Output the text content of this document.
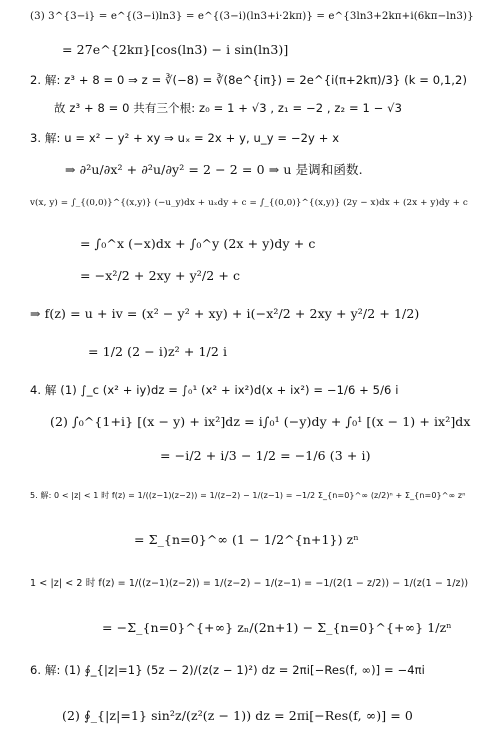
(3) 3^{3−i} = e^{(3−i)ln3} = e^{(3−i)(ln3+i·2kπ)} = e^{3ln3+2kπ+i(6kπ−ln3)}
= 27e^{2kπ}[cos(ln3) − i sin(ln3)]
2. 解: z³ + 8 = 0 ⇒ z = ∛(−8) = ∛(8e^{iπ}) = 2e^{i(π+2kπ)/3} (k = 0,1,2)
故 z³ + 8 = 0 共有三个根: z₀ = 1 + √3 , z₁ = −2 , z₂ = 1 − √3
3. 解: u = x² − y² + xy ⇒ uₓ = 2x + y, u_y = −2y + x
⇒ ∂²u/∂x² + ∂²u/∂y² = 2 − 2 = 0 ⇒ u 是调和函数.
v(x, y) = ∫_{(0,0)}^{(x,y)} (−u_y)dx + uₓdy + c = ∫_{(0,0)}^{(x,y)} (2y − x)dx + (2x + y)dy + c
= ∫₀^x (−x)dx + ∫₀^y (2x + y)dy + c
= −x²/2 + 2xy + y²/2 + c
⇒ f(z) = u + iv = (x² − y² + xy) + i(−x²/2 + 2xy + y²/2 + 1/2)
= 1/2 (2 − i)z² + 1/2 i
4. 解 (1) ∫_c (x² + iy)dz = ∫₀¹ (x² + ix²)d(x + ix²) = −1/6 + 5/6 i
(2) ∫₀^{1+i} [(x − y) + ix²]dz = i∫₀¹ (−y)dy + ∫₀¹ [(x − 1) + ix²]dx
= −i/2 + i/3 − 1/2 = −1/6 (3 + i)
5. 解: 0 < |z| < 1 时 f(z) = 1/((z−1)(z−2)) = 1/(z−2) − 1/(z−1) = −1/2 Σ_{n=0}^∞ (z/2)ⁿ + Σ_{n=0}^∞ zⁿ
= Σ_{n=0}^∞ (1 − 1/2^{n+1}) zⁿ
1 < |z| < 2 时 f(z) = 1/((z−1)(z−2)) = 1/(z−2) − 1/(z−1) = −1/(2(1 − z/2)) − 1/(z(1 − 1/z))
= −Σ_{n=0}^{+∞} zₙ/(2n+1) − Σ_{n=0}^{+∞} 1/zⁿ
6. 解: (1) ∮_{|z|=1} (5z − 2)/(z(z − 1)²) dz = 2πi[−Res(f, ∞)] = −4πi
(2) ∮_{|z|=1} sin²z/(z²(z − 1)) dz = 2πi[−Res(f, ∞)] = 0
